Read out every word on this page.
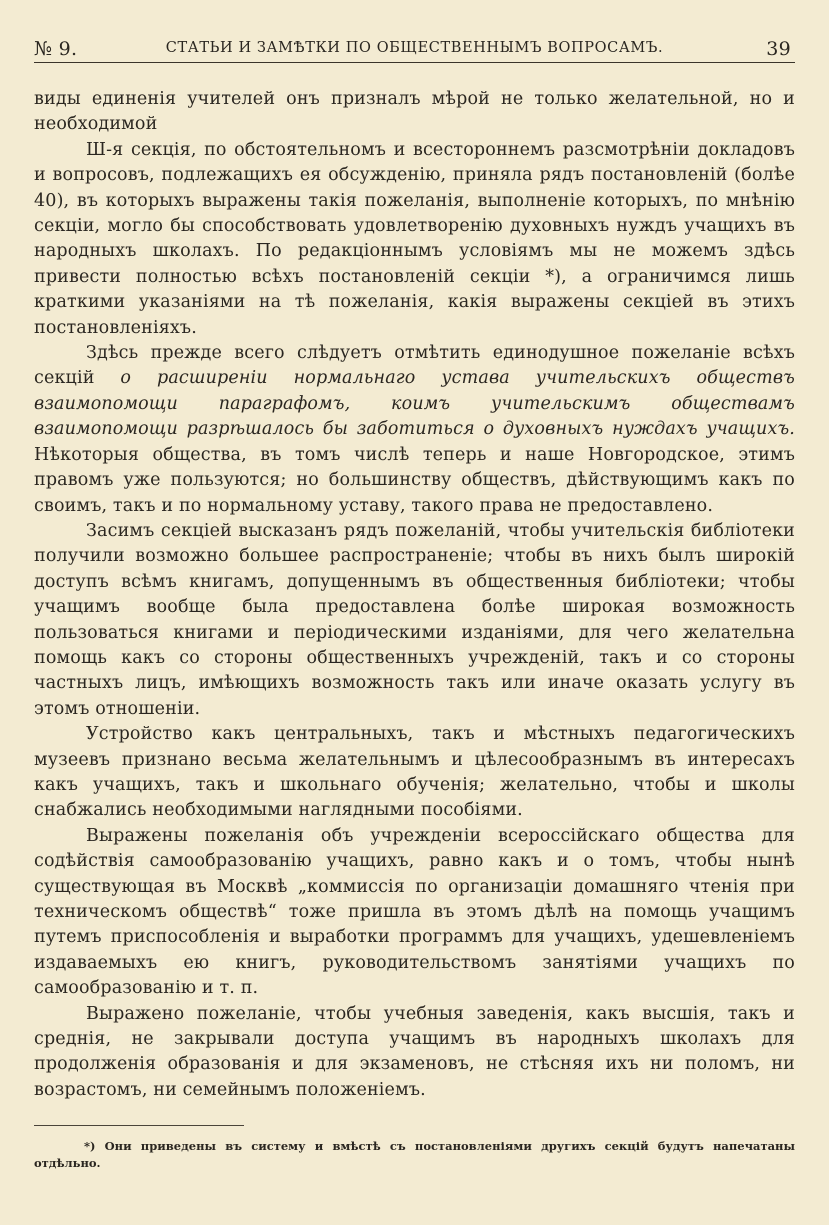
№ 9.	СТАТЬИ И ЗАМѢТКИ ПО ОБЩЕСТВЕННЫМЪ ВОПРОСАМЪ.	39

виды единенія учителей онъ призналъ мѣрой не только желательной, но и необходимой

Ш-я секція, по обстоятельномъ и всестороннемъ разсмотрѣніи докладовъ и вопросовъ, подлежащихъ ея обсужденію, приняла рядъ постановленій (болѣе 40), въ которыхъ выражены такія пожеланія, выполненіе которыхъ, по мнѣнію секціи, могло бы способствовать удовлетворенію духовныхъ нуждъ учащихъ въ народныхъ школахъ. По редакціоннымъ условіямъ мы не можемъ здѣсь привести полностью всѣхъ постановленій секціи *), а ограничимся лишь краткими указаніями на тѣ пожеланія, какія выражены секціей въ этихъ постановленіяхъ.

Здѣсь прежде всего слѣдуетъ отмѣтить единодушное пожеланіе всѣхъ секцій о расширеніи нормальнаго устава учительскихъ обществъ взаимопомощи параграфомъ, коимъ учительскимъ обществамъ взаимопомощи разрѣшалось бы заботиться о духовныхъ нуждахъ учащихъ. Нѣкоторыя общества, въ томъ числѣ теперь и наше Новгородское, этимъ правомъ уже пользуются; но большинству обществъ, дѣйствующимъ какъ по своимъ, такъ и по нормальному уставу, такого права не предоставлено.

Засимъ секціей высказанъ рядъ пожеланій, чтобы учительскія библіотеки получили возможно большее распространеніе; чтобы въ нихъ былъ широкій доступъ всѣмъ книгамъ, допущеннымъ въ общественныя библіотеки; чтобы учащимъ вообще была предоставлена болѣе широкая возможность пользоваться книгами и періодическими изданіями, для чего желательна помощь какъ со стороны общественныхъ учрежденій, такъ и со стороны частныхъ лицъ, имѣющихъ возможность такъ или иначе оказать услугу въ этомъ отношеніи.

Устройство какъ центральныхъ, такъ и мѣстныхъ педагогическихъ музеевъ признано весьма желательнымъ и цѣлесообразнымъ въ интересахъ какъ учащихъ, такъ и школьнаго обученія; желательно, чтобы и школы снабжались необходимыми наглядными пособіями.

Выражены пожеланія объ учрежденіи всероссійскаго общества для содѣйствія самообразованію учащихъ, равно какъ и о томъ, чтобы нынѣ существующая въ Москвѣ „коммиссія по организаціи домашняго чтенія при техническомъ обществѣ“ тоже пришла въ этомъ дѣлѣ на помощь учащимъ путемъ приспособленія и выработки программъ для учащихъ, удешевленіемъ издаваемыхъ ею книгъ, руководительствомъ занятіями учащихъ по самообразованію и т. п.

Выражено пожеланіе, чтобы учебныя заведенія, какъ высшія, такъ и среднія, не закрывали доступа учащимъ въ народныхъ школахъ для продолженія образованія и для экзаменовъ, не стѣсняя ихъ ни поломъ, ни возрастомъ, ни семейнымъ положеніемъ.

*) Они приведены въ систему и вмѣстѣ съ постановленіями другихъ секцій будутъ напечатаны отдѣльно.
